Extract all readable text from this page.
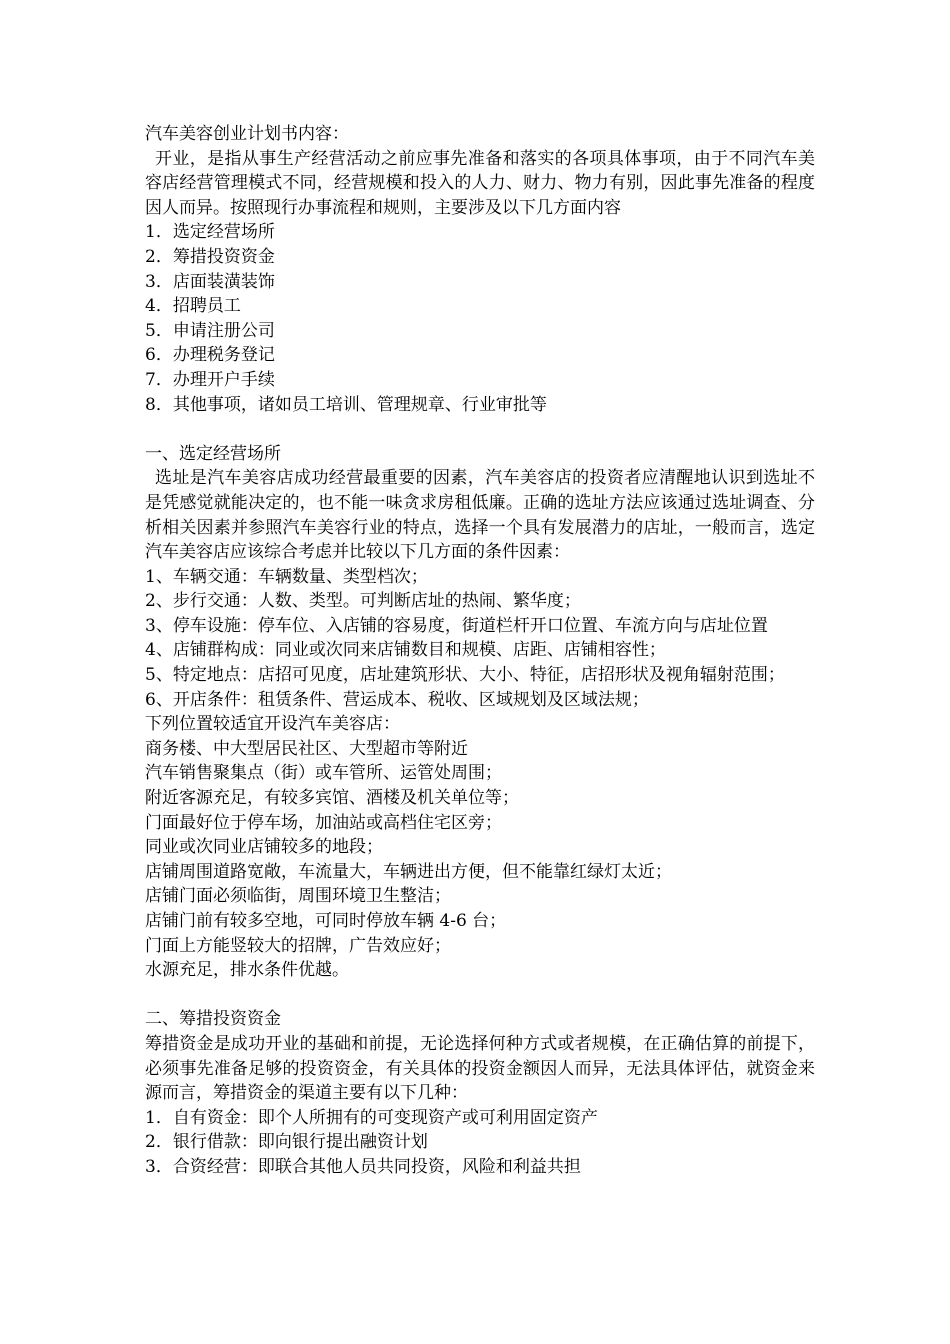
汽车美容创业计划书内容：
开业，是指从事生产经营活动之前应事先准备和落实的各项具体事项，由于不同汽车美容店经营管理模式不同，经营规模和投入的人力、财力、物力有别，因此事先准备的程度因人而异。按照现行办事流程和规则，主要涉及以下几方面内容
1．选定经营场所
2．筹措投资资金
3．店面装潢装饰
4．招聘员工
5．申请注册公司
6．办理税务登记
7．办理开户手续
8．其他事项，诸如员工培训、管理规章、行业审批等
一、选定经营场所
选址是汽车美容店成功经营最重要的因素，汽车美容店的投资者应清醒地认识到选址不是凭感觉就能决定的，也不能一味贪求房租低廉。正确的选址方法应该通过选址调查、分析相关因素并参照汽车美容行业的特点，选择一个具有发展潜力的店址，一般而言，选定汽车美容店应该综合考虑并比较以下几方面的条件因素：
1、车辆交通：车辆数量、类型档次；
2、步行交通：人数、类型。可判断店址的热闹、繁华度；
3、停车设施：停车位、入店铺的容易度，街道栏杆开口位置、车流方向与店址位置
4、店铺群构成：同业或次同来店铺数目和规模、店距、店铺相容性；
5、特定地点：店招可见度，店址建筑形状、大小、特征，店招形状及视角辐射范围；
6、开店条件：租赁条件、营运成本、税收、区域规划及区域法规；
下列位置较适宜开设汽车美容店：
商务楼、中大型居民社区、大型超市等附近
汽车销售聚集点（街）或车管所、运管处周围；
附近客源充足，有较多宾馆、酒楼及机关单位等；
门面最好位于停车场，加油站或高档住宅区旁；
同业或次同业店铺较多的地段；
店铺周围道路宽敞，车流量大，车辆进出方便，但不能靠红绿灯太近；
店铺门面必须临街，周围环境卫生整洁；
店铺门前有较多空地，可同时停放车辆 4-6 台；
门面上方能竖较大的招牌，广告效应好；
水源充足，排水条件优越。
二、筹措投资资金
筹措资金是成功开业的基础和前提，无论选择何种方式或者规模，在正确估算的前提下，必须事先准备足够的投资资金，有关具体的投资金额因人而异，无法具体评估，就资金来源而言，筹措资金的渠道主要有以下几种：
1．自有资金：即个人所拥有的可变现资产或可利用固定资产
2．银行借款：即向银行提出融资计划
3．合资经营：即联合其他人员共同投资，风险和利益共担
